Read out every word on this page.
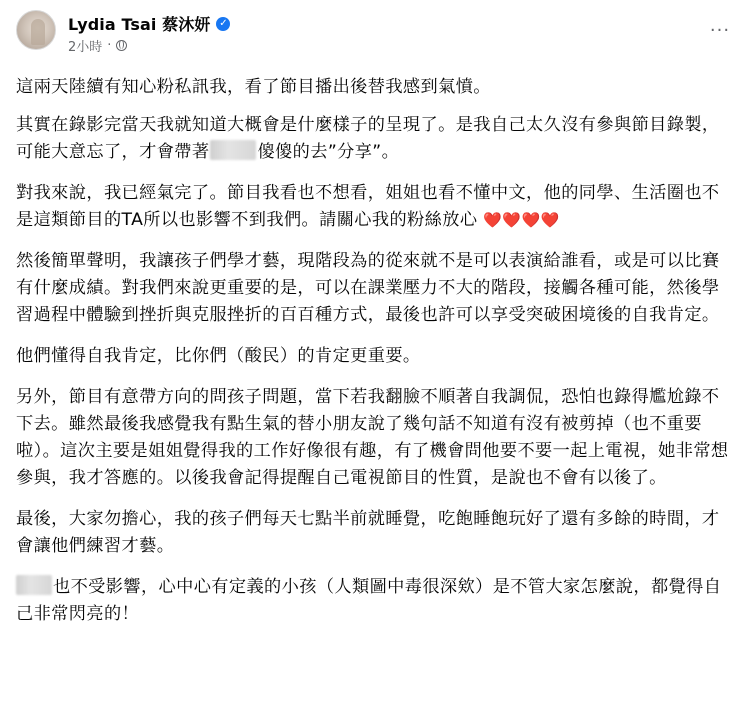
Lydia Tsai 蔡沐妍 ✓
2小時 ·
···

這兩天陸續有知心粉私訊我，看了節目播出後替我感到氣憤。

其實在錄影完當天我就知道大概會是什麼樣子的呈現了。是我自己太久沒有參與節目錄製，可能大意忘了，才會帶著	傻傻的去”分享”。

對我來說，我已經氣完了。節目我看也不想看，姐姐也看不懂中文，他的同學、生活圈也不是這類節目的TA所以也影響不到我們。請關心我的粉絲放心 ❤️❤️❤️❤️

然後簡單聲明，我讓孩子們學才藝，現階段為的從來就不是可以表演給誰看，或是可以比賽有什麼成績。對我們來說更重要的是，可以在課業壓力不大的階段，接觸各種可能，然後學習過程中體驗到挫折與克服挫折的百百種方式，最後也許可以享受突破困境後的自我肯定。

他們懂得自我肯定，比你們（酸民）的肯定更重要。

另外，節目有意帶方向的問孩子問題，當下若我翻臉不順著自我調侃，恐怕也錄得尷尬錄不下去。雖然最後我感覺我有點生氣的替小朋友說了幾句話不知道有沒有被剪掉（也不重要啦）。這次主要是姐姐覺得我的工作好像很有趣，有了機會問他要不要一起上電視，她非常想參與，我才答應的。以後我會記得提醒自己電視節目的性質，是說也不會有以後了。

最後，大家勿擔心，我的孩子們每天七點半前就睡覺，吃飽睡飽玩好了還有多餘的時間，才會讓他們練習才藝。

也不受影響，心中心有定義的小孩（人類圖中毒很深欸）是不管大家怎麼說，都覺得自己非常閃亮的！
